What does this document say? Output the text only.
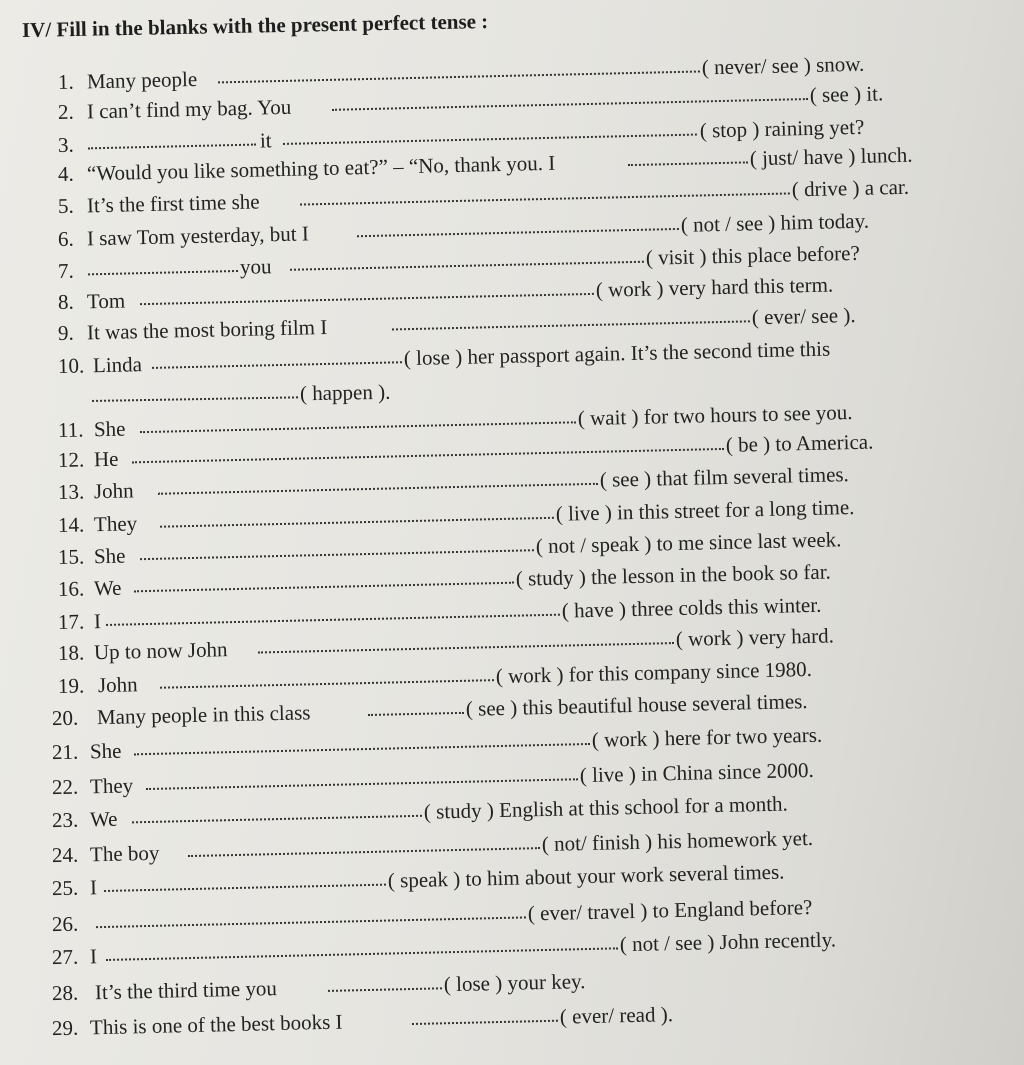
IV/ Fill in the blanks with the present perfect tense :
1. Many people
( never/ see ) snow.
2. I can’t find my bag. You
( see ) it.
3.	it	( stop ) raining yet?
4. “Would you like something to eat?” – “No, thank you. I	( just/ have ) lunch.
5. It’s the first time she
( drive ) a car.
6. I saw Tom yesterday, but I	( not / see ) him today.
7.	you	( visit ) this place before?
8. Tom	( work ) very hard this term.
9. It was the most boring film I	( ever/ see ).
10. Linda	( lose ) her passport again. It’s the second time this
( happen ).
11. She	( wait ) for two hours to see you.
12. He
( be ) to America.
13. John	( see ) that film several times.
14. They	( live ) in this street for a long time.
15. She	( not / speak ) to me since last week.
16. We	( study ) the lesson in the book so far.
17. I	( have ) three colds this winter.
18. Up to now John	( work ) very hard.
19. John	( work ) for this company since 1980.
20. Many people in this class	( see ) this beautiful house several times.
21. She	( work ) here for two years.
22. They	( live ) in China since 2000.
23. We	( study ) English at this school for a month.
24. The boy	( not/ finish ) his homework yet.
25. I	( speak ) to him about your work several times.
26.	( ever/ travel ) to England before?
27. I	( not / see ) John recently.
28. It’s the third time you	( lose ) your key.
29. This is one of the best books I	( ever/ read ).
